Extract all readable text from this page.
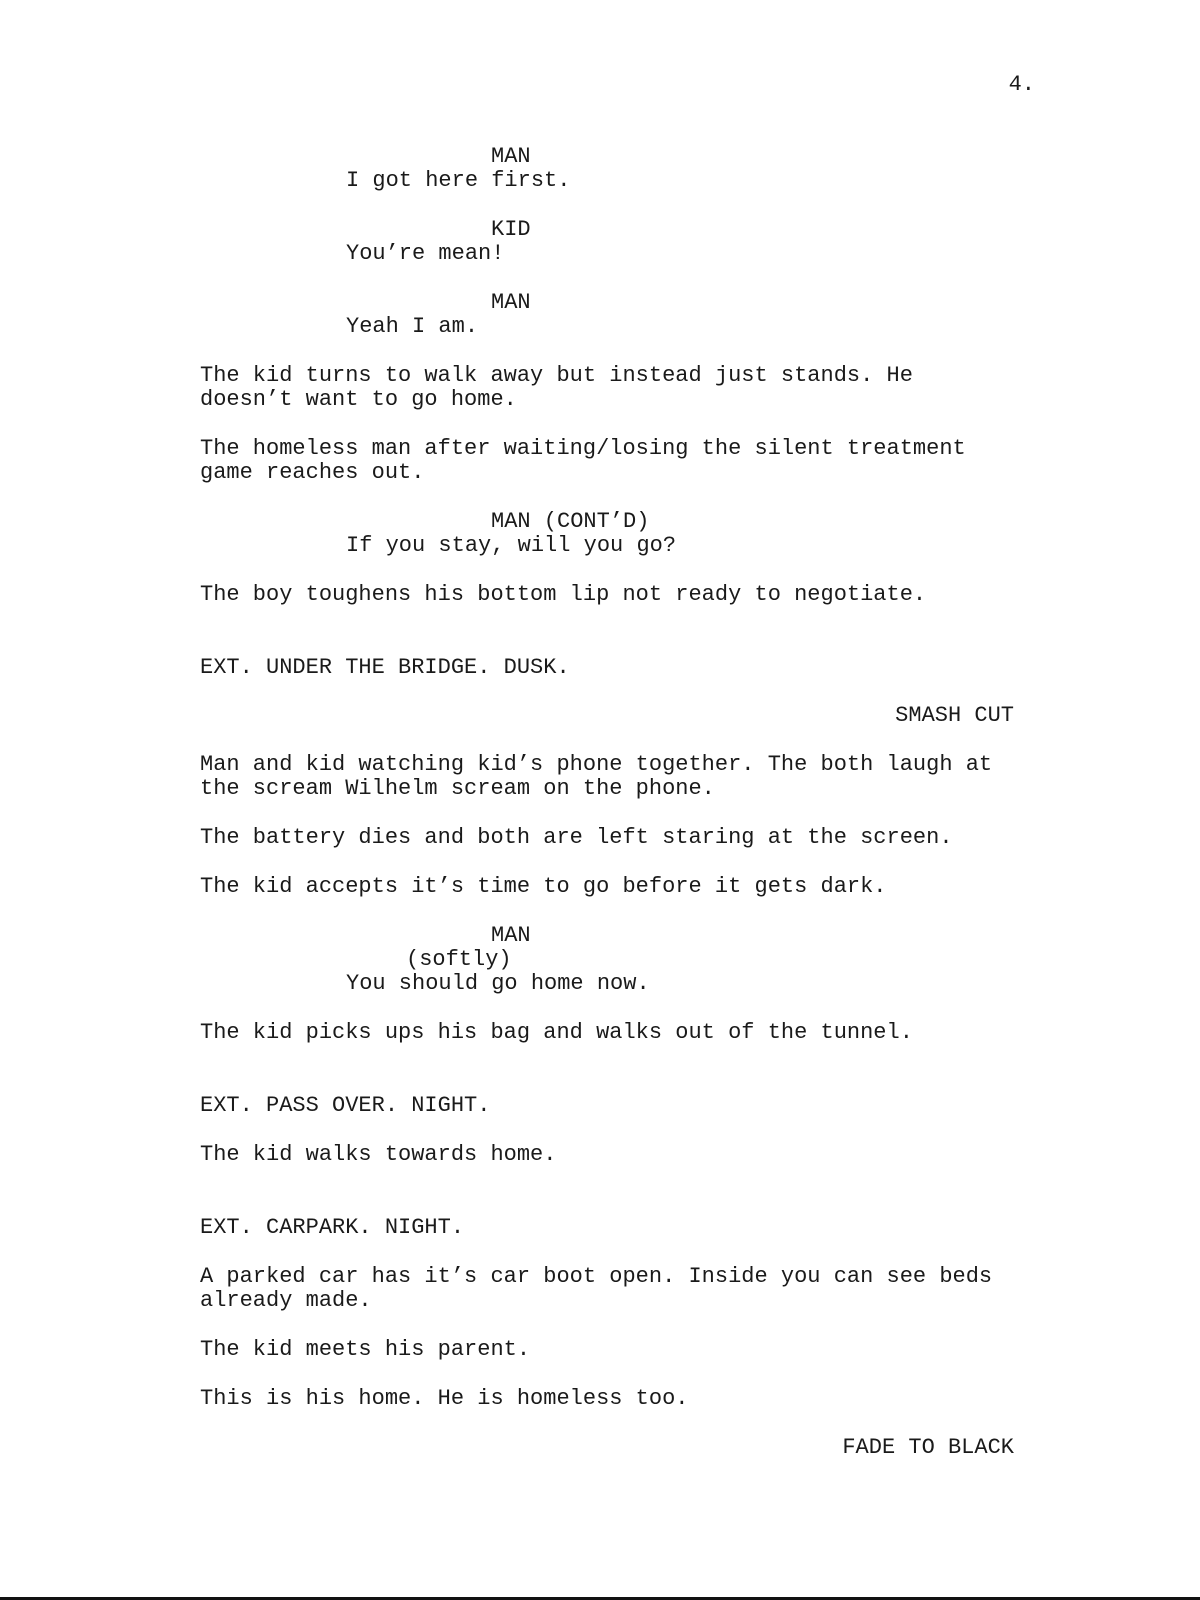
4.
MAN
I got here first.
KID
You’re mean!
MAN
Yeah I am.
The kid turns to walk away but instead just stands. He
doesn’t want to go home.
The homeless man after waiting/losing the silent treatment
game reaches out.
MAN (CONT’D)
If you stay, will you go?
The boy toughens his bottom lip not ready to negotiate.
EXT. UNDER THE BRIDGE. DUSK.
SMASH CUT
Man and kid watching kid’s phone together. The both laugh at
the scream Wilhelm scream on the phone.
The battery dies and both are left staring at the screen.
The kid accepts it’s time to go before it gets dark.
MAN
(softly)
You should go home now.
The kid picks ups his bag and walks out of the tunnel.
EXT. PASS OVER. NIGHT.
The kid walks towards home.
EXT. CARPARK. NIGHT.
A parked car has it’s car boot open. Inside you can see beds
already made.
The kid meets his parent.
This is his home. He is homeless too.
FADE TO BLACK
